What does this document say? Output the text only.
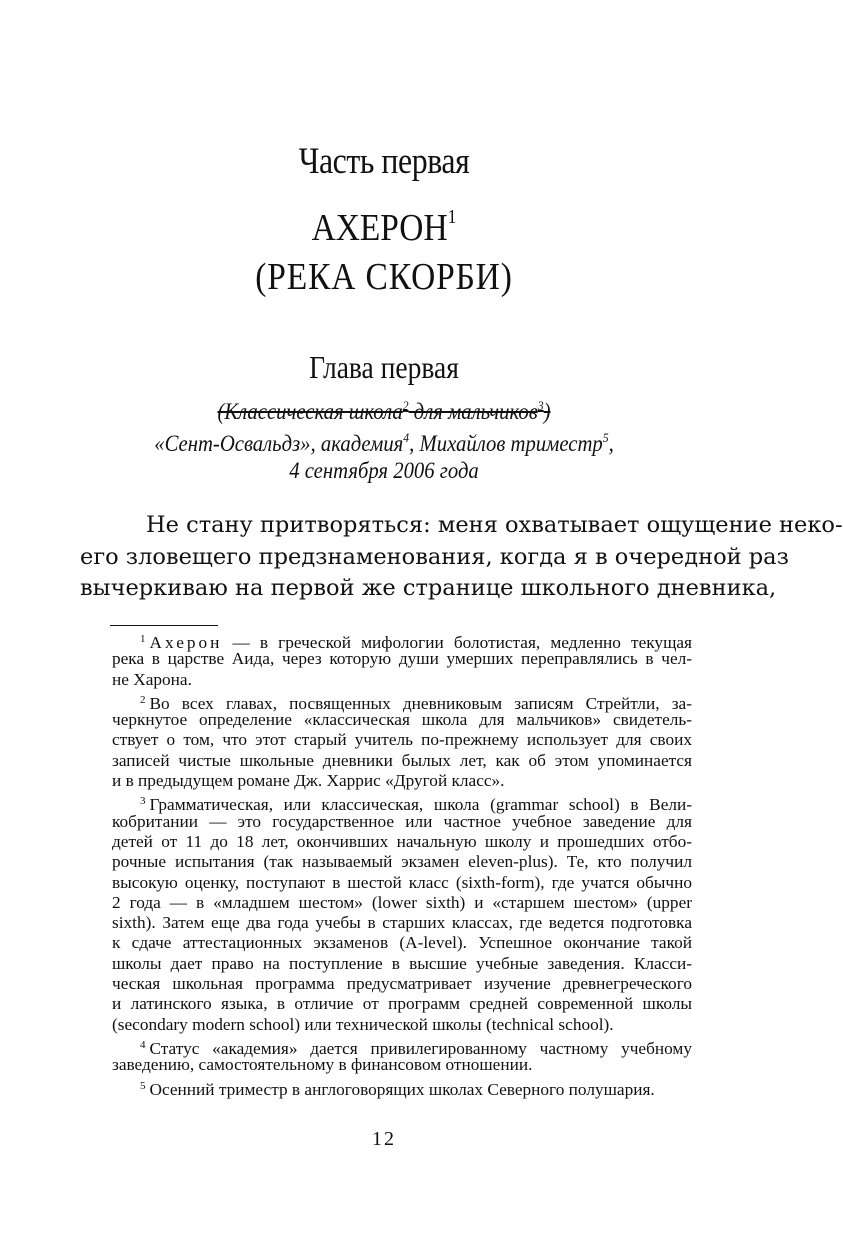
Часть первая
АХЕРОН$^1$
(РЕКА СКОРБИ)
Глава первая
(Классическая школа$^2$ для мальчиков$^3$)
«Сент-Освальдз», академия$^4$, Михайлов триместр$^5$,
4 сентября 2006 года
Не стану притворяться: меня охватывает ощущение неко-
его зловещего предзнаменования, когда я в очередной раз
вычеркиваю на первой же странице школьного дневника,
$^1$ Ахерон — в греческой мифологии болотистая, медленно текущая
река в царстве Аида, через которую души умерших переправлялись в чел-
не Харона.
$^2$ Во всех главах, посвященных дневниковым записям Стрейтли, за-
черкнутое определение «классическая школа для мальчиков» свидетель-
ствует о том, что этот старый учитель по-прежнему использует для своих
записей чистые школьные дневники былых лет, как об этом упоминается
и в предыдущем романе Дж. Харрис «Другой класс».
$^3$ Грамматическая, или классическая, школа (grammar school) в Вели-
кобритании — это государственное или частное учебное заведение для
детей от 11 до 18 лет, окончивших начальную школу и прошедших отбо-
рочные испытания (так называемый экзамен eleven-plus). Те, кто получил
высокую оценку, поступают в шестой класс (sixth-form), где учатся обычно
2 года — в «младшем шестом» (lower sixth) и «старшем шестом» (upper
sixth). Затем еще два года учебы в старших классах, где ведется подготовка
к сдаче аттестационных экзаменов (A-level). Успешное окончание такой
школы дает право на поступление в высшие учебные заведения. Класси-
ческая школьная программа предусматривает изучение древнегреческого
и латинского языка, в отличие от программ средней современной школы
(secondary modern school) или технической школы (technical school).
$^4$ Статус «академия» дается привилегированному частному учебному
заведению, самостоятельному в финансовом отношении.
$^5$ Осенний триместр в англоговорящих школах Северного полушария.
12
